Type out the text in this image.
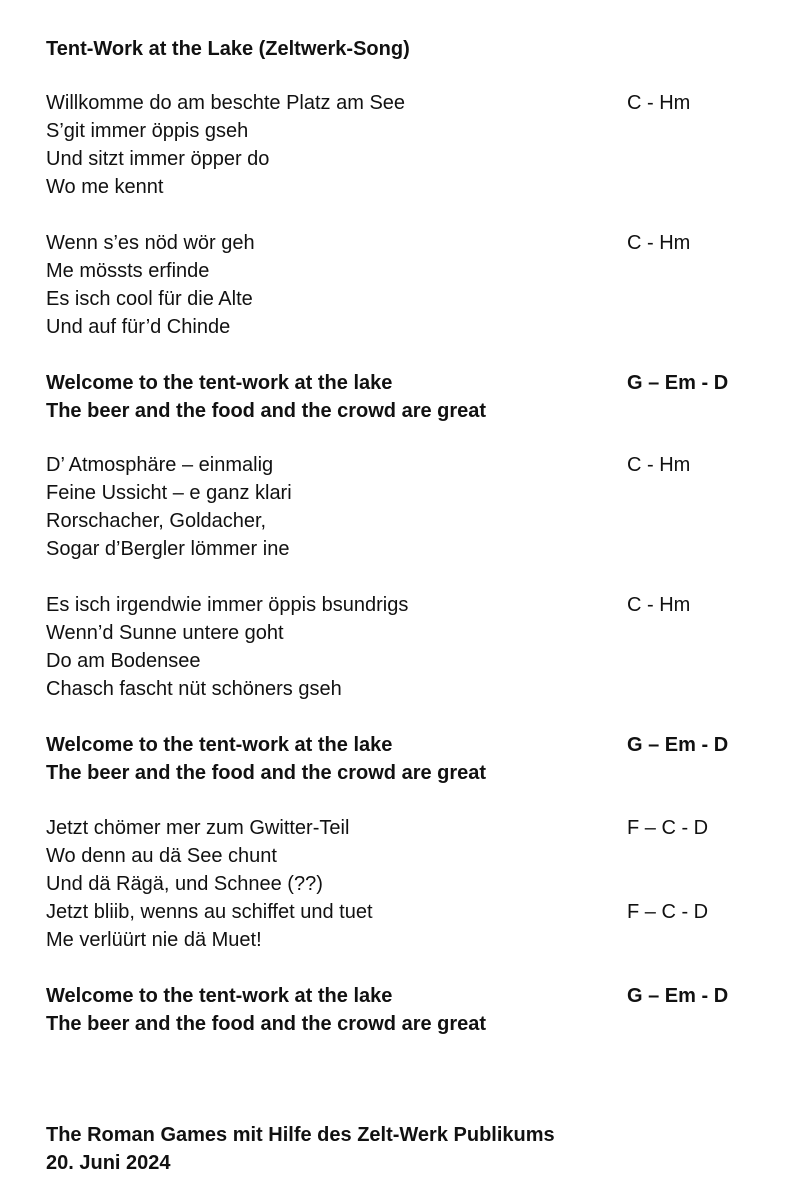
Tent-Work at the Lake (Zeltwerk-Song)
Willkomme do am beschte Platz am See
S’git immer öppis gseh
Und sitzt immer öpper do
Wo me kennt
C - Hm
Wenn s’es nöd wör geh
Me mössts erfinde
Es isch cool für die Alte
Und auf für’d Chinde
C - Hm
Welcome to the tent-work at the lake
The beer and the food and the crowd are great
G – Em - D
D’ Atmosphäre – einmalig
Feine Ussicht – e ganz klari
Rorschacher, Goldacher,
Sogar d’Bergler lömmer ine
C - Hm
Es isch irgendwie immer öppis bsundrigs
Wenn’d Sunne untere goht
Do am Bodensee
Chasch fascht nüt schöners gseh
C - Hm
Welcome to the tent-work at the lake
The beer and the food and the crowd are great
G – Em - D
Jetzt chömer mer zum Gwitter-Teil
Wo denn au dä See chunt
Und dä Rägä, und Schnee (??)
Jetzt bliib, wenns au schiffet und tuet
Me verlüürt nie dä Muet!
F – C - D
F – C - D
Welcome to the tent-work at the lake
The beer and the food and the crowd are great
G – Em - D
The Roman Games mit Hilfe des Zelt-Werk Publikums
20. Juni 2024
